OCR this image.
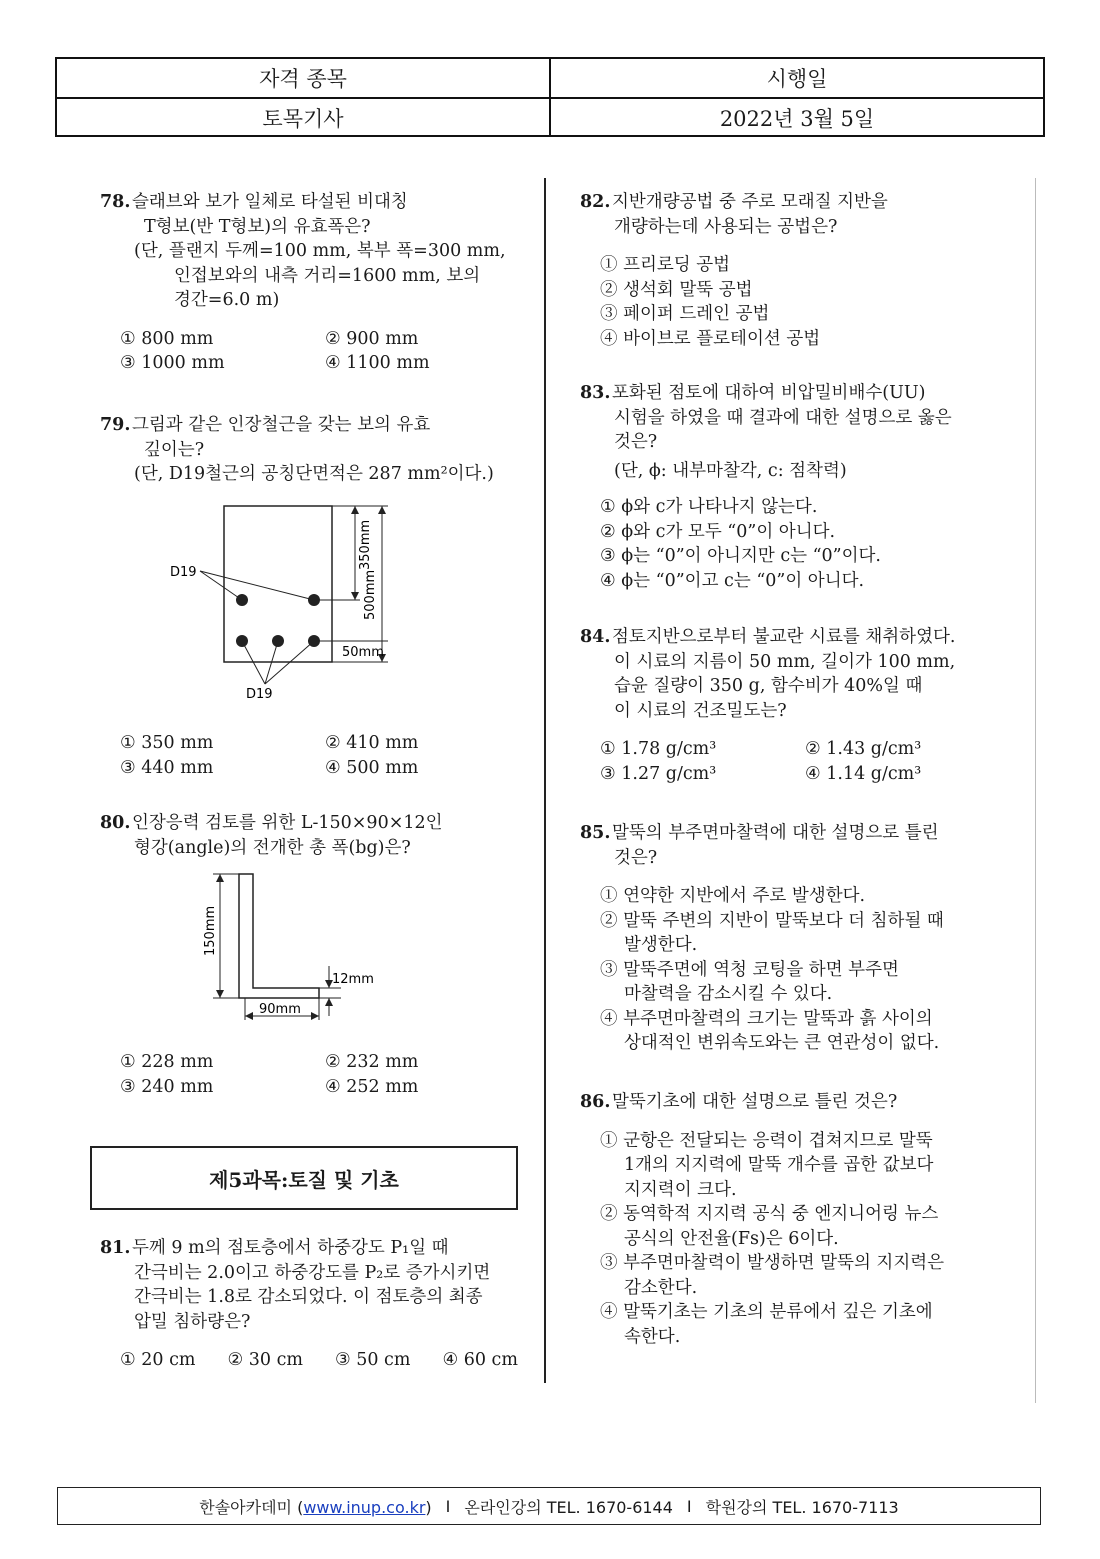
자격 종목	시행일
토목기사	2022년 3월 5일
78. 슬래브와 보가 일체로 타설된 비대칭
T형보(반 T형보)의 유효폭은?
(단, 플랜지 두께=100 mm, 복부 폭=300 mm,
인접보와의 내측 거리=1600 mm, 보의
경간=6.0 m)
① 800 mm	② 900 mm
③ 1000 mm	④ 1100 mm
79. 그림과 같은 인장철근을 갖는 보의 유효
깊이는?
(단, D19철근의 공칭단면적은 287 mm²이다.)
D19
D19
350mm
500mm
50mm
① 350 mm	② 410 mm
③ 440 mm	④ 500 mm
80. 인장응력 검토를 위한 L-150×90×12인
형강(angle)의 전개한 총 폭(bg)은?
150mm
90mm
12mm
① 228 mm	② 232 mm
③ 240 mm	④ 252 mm
제5과목:토질 및 기초
81. 두께 9 m의 점토층에서 하중강도 P₁일 때
간극비는 2.0이고 하중강도를 P₂로 증가시키면
간극비는 1.8로 감소되었다. 이 점토층의 최종
압밀 침하량은?
① 20 cm ② 30 cm ③ 50 cm ④ 60 cm
82. 지반개량공법 중 주로 모래질 지반을
개량하는데 사용되는 공법은?
① 프리로딩 공법
② 생석회 말뚝 공법
③ 페이퍼 드레인 공법
④ 바이브로 플로테이션 공법
83. 포화된 점토에 대하여 비압밀비배수(UU)
시험을 하였을 때 결과에 대한 설명으로 옳은
것은?
(단, ϕ: 내부마찰각, c: 점착력)
① ϕ와 c가 나타나지 않는다.
② ϕ와 c가 모두 “0”이 아니다.
③ ϕ는 “0”이 아니지만 c는 “0”이다.
④ ϕ는 “0”이고 c는 “0”이 아니다.
84. 점토지반으로부터 불교란 시료를 채취하였다.
이 시료의 지름이 50 mm, 길이가 100 mm,
습윤 질량이 350 g, 함수비가 40%일 때
이 시료의 건조밀도는?
① 1.78 g/cm³	② 1.43 g/cm³
③ 1.27 g/cm³	④ 1.14 g/cm³
85. 말뚝의 부주면마찰력에 대한 설명으로 틀린
것은?
① 연약한 지반에서 주로 발생한다.
② 말뚝 주변의 지반이 말뚝보다 더 침하될 때
발생한다.
③ 말뚝주면에 역청 코팅을 하면 부주면
마찰력을 감소시킬 수 있다.
④ 부주면마찰력의 크기는 말뚝과 흙 사이의
상대적인 변위속도와는 큰 연관성이 없다.
86. 말뚝기초에 대한 설명으로 틀린 것은?
① 군항은 전달되는 응력이 겹쳐지므로 말뚝
1개의 지지력에 말뚝 개수를 곱한 값보다
지지력이 크다.
② 동역학적 지지력 공식 중 엔지니어링 뉴스
공식의 안전율(Fs)은 6이다.
③ 부주면마찰력이 발생하면 말뚝의 지지력은
감소한다.
④ 말뚝기초는 기초의 분류에서 깊은 기초에
속한다.
한솔아카데미 (www.inup.co.kr) I 온라인강의 TEL. 1670-6144 I 학원강의 TEL. 1670-7113
